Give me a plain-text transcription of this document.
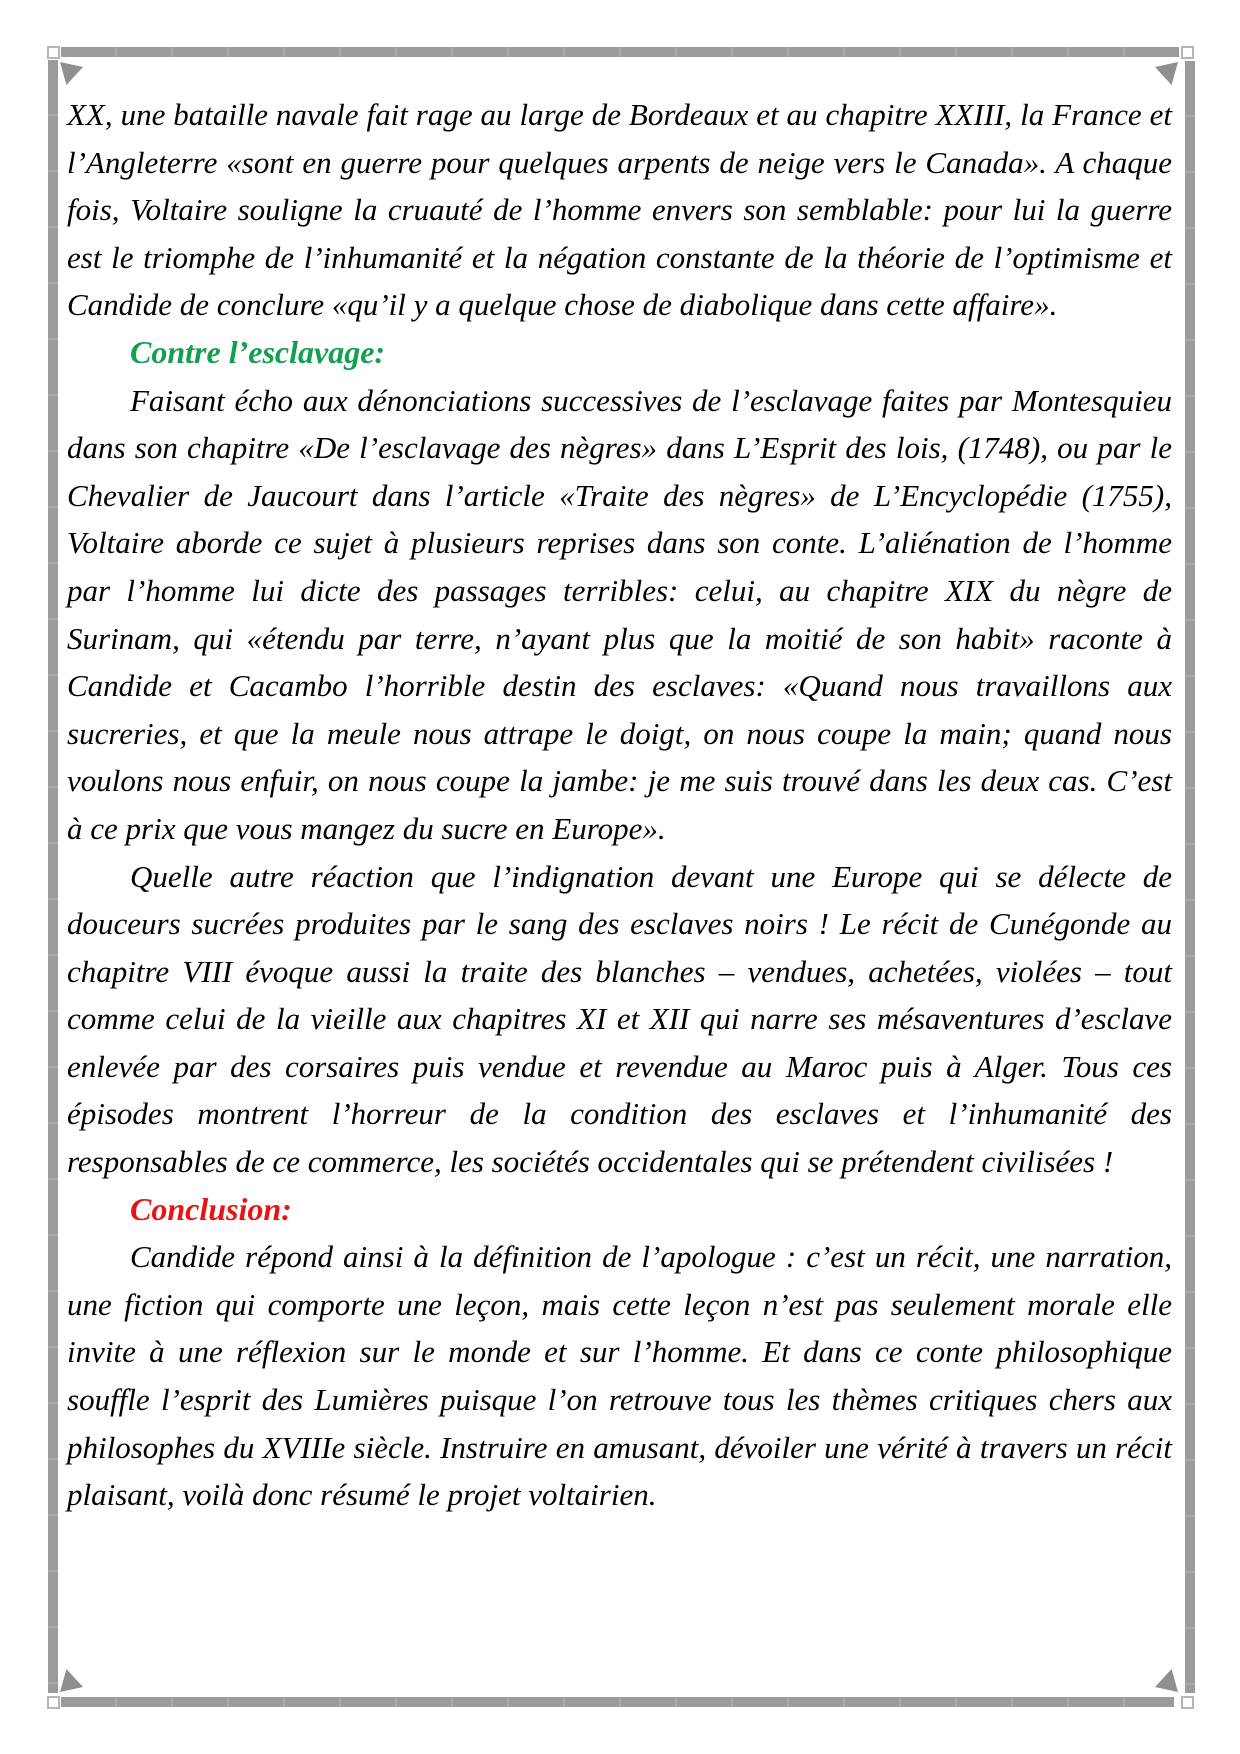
XX, une bataille navale fait rage au large de Bordeaux et au chapitre XXIII, la France et l’Angleterre «sont en guerre pour quelques arpents de neige vers le Canada». A chaque fois, Voltaire souligne la cruauté de l’homme envers son semblable: pour lui la guerre est le triomphe de l’inhumanité et la négation constante de la théorie de l’optimisme et Candide de conclure «qu’il y a quelque chose de diabolique dans cette affaire».

Contre l’esclavage:

Faisant écho aux dénonciations successives de l’esclavage faites par Montesquieu dans son chapitre «De l’esclavage des nègres» dans L’Esprit des lois, (1748), ou par le Chevalier de Jaucourt dans l’article «Traite des nègres» de L’Encyclopédie (1755), Voltaire aborde ce sujet à plusieurs reprises dans son conte. L’aliénation de l’homme par l’homme lui dicte des passages terribles: celui, au chapitre XIX du nègre de Surinam, qui «étendu par terre, n’ayant plus que la moitié de son habit» raconte à Candide et Cacambo l’horrible destin des esclaves: «Quand nous travaillons aux sucreries, et que la meule nous attrape le doigt, on nous coupe la main; quand nous voulons nous enfuir, on nous coupe la jambe: je me suis trouvé dans les deux cas. C’est à ce prix que vous mangez du sucre en Europe».

Quelle autre réaction que l’indignation devant une Europe qui se délecte de douceurs sucrées produites par le sang des esclaves noirs ! Le récit de Cunégonde au chapitre VIII évoque aussi la traite des blanches – vendues, achetées, violées – tout comme celui de la vieille aux chapitres XI et XII qui narre ses mésaventures d’esclave enlevée par des corsaires puis vendue et revendue au Maroc puis à Alger. Tous ces épisodes montrent l’horreur de la condition des esclaves et l’inhumanité des responsables de ce commerce, les sociétés occidentales qui se prétendent civilisées !

Conclusion:

Candide répond ainsi à la définition de l’apologue : c’est un récit, une narration, une fiction qui comporte une leçon, mais cette leçon n’est pas seulement morale elle invite à une réflexion sur le monde et sur l’homme. Et dans ce conte philosophique souffle l’esprit des Lumières puisque l’on retrouve tous les thèmes critiques chers aux philosophes du XVIIIe siècle. Instruire en amusant, dévoiler une vérité à travers un récit plaisant, voilà donc résumé le projet voltairien.
